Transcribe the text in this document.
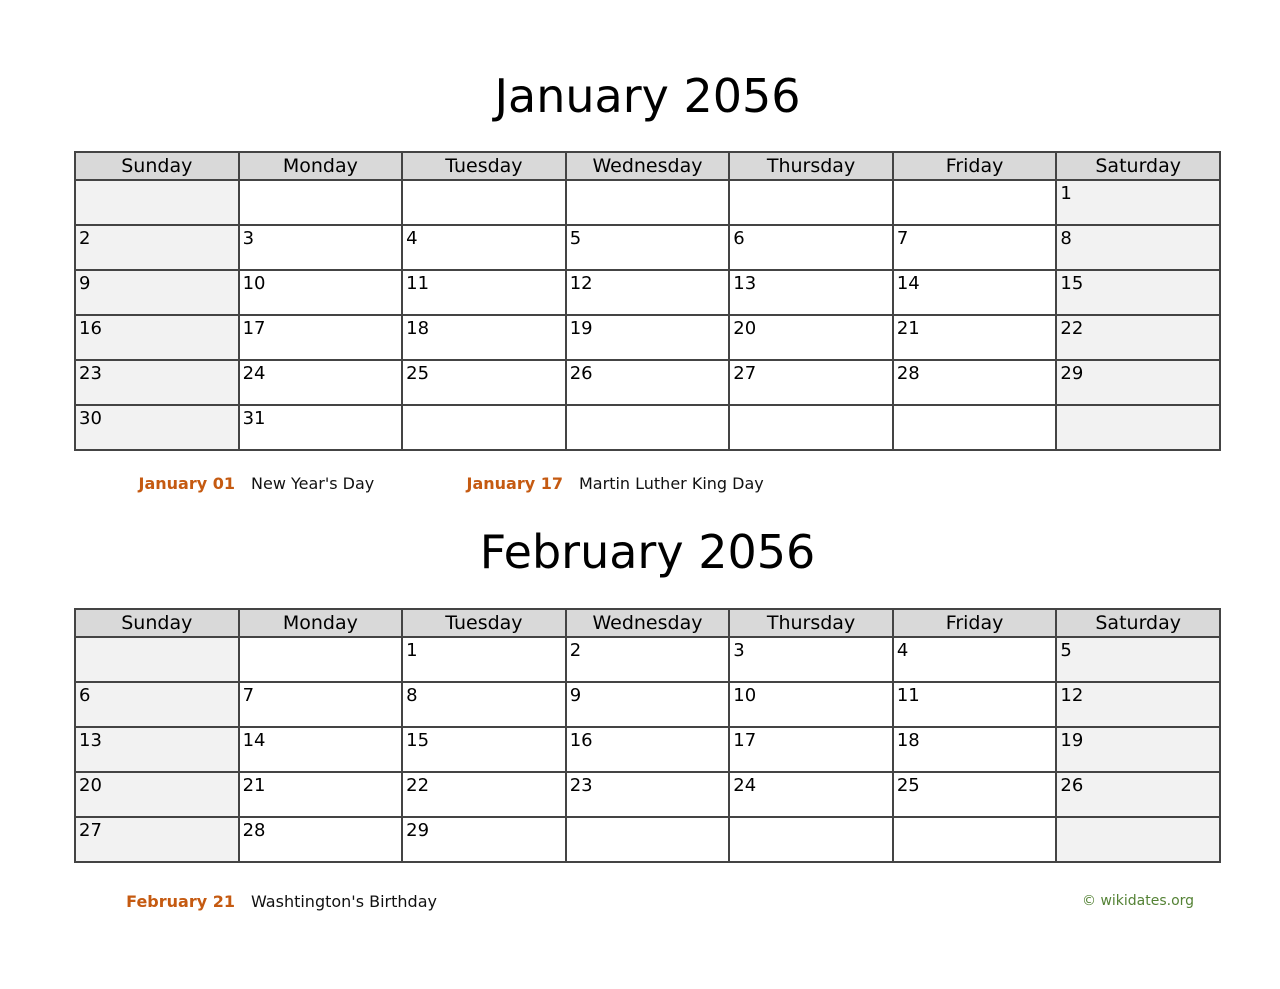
January 2056
Sunday	Monday	Tuesday	Wednesday	Thursday	Friday	Saturday
						1
2	3	4	5	6	7	8
9	10	11	12	13	14	15
16	17	18	19	20	21	22
23	24	25	26	27	28	29
30	31					
January 01 New Year's Day	January 17 Martin Luther King Day
February 2056
Sunday	Monday	Tuesday	Wednesday	Thursday	Friday	Saturday
		1	2	3	4	5
6	7	8	9	10	11	12
13	14	15	16	17	18	19
20	21	22	23	24	25	26
27	28	29				
February 21 Washtington's Birthday	© wikidates.org
